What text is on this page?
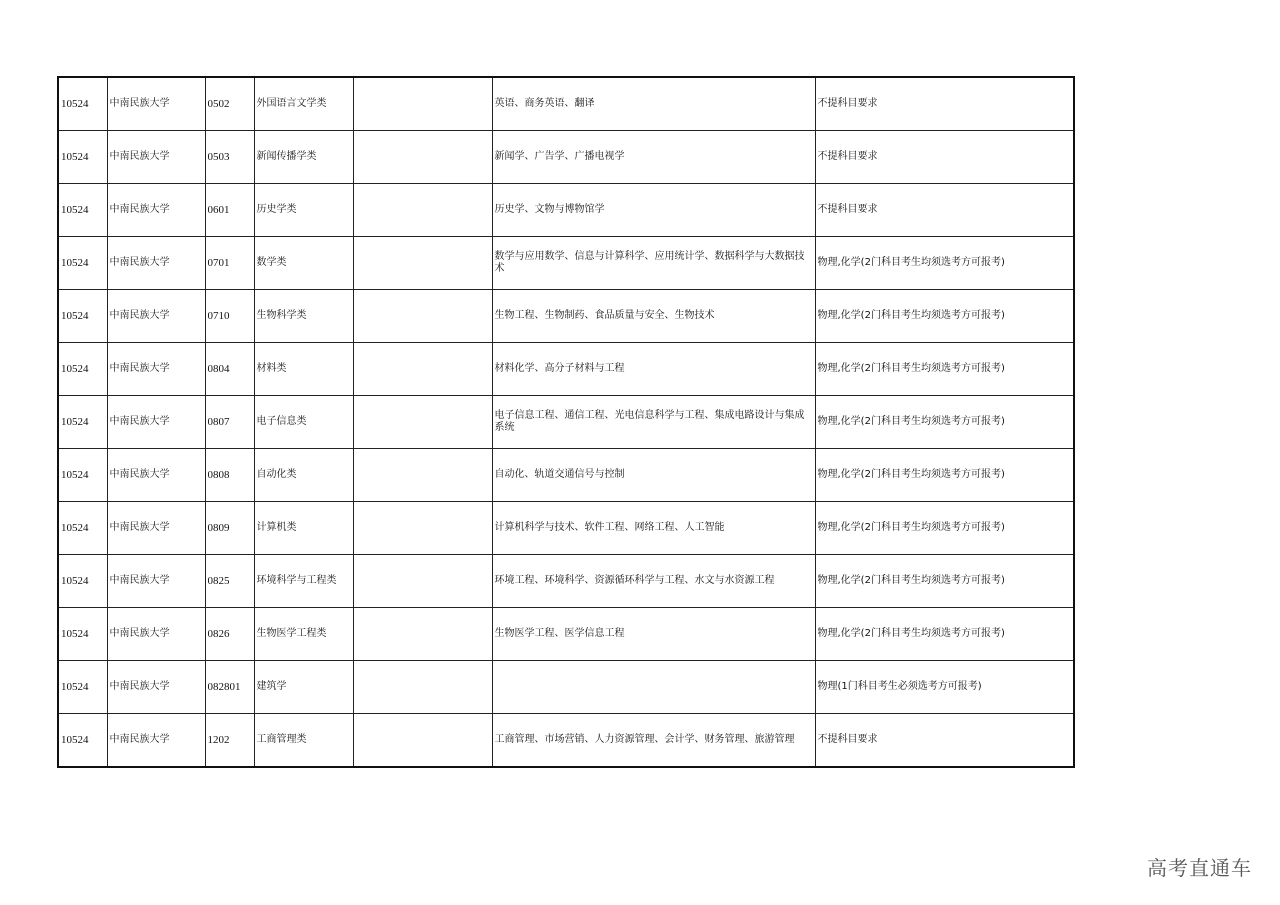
10524	中南民族大学	0502	外国语言文学类		英语、商务英语、翻译	不提科目要求
10524	中南民族大学	0503	新闻传播学类		新闻学、广告学、广播电视学	不提科目要求
10524	中南民族大学	0601	历史学类		历史学、文物与博物馆学	不提科目要求
10524	中南民族大学	0701	数学类		数学与应用数学、信息与计算科学、应用统计学、数据科学与大数据技术	物理,化学(2门科目考生均须选考方可报考)
10524	中南民族大学	0710	生物科学类		生物工程、生物制药、食品质量与安全、生物技术	物理,化学(2门科目考生均须选考方可报考)
10524	中南民族大学	0804	材料类		材料化学、高分子材料与工程	物理,化学(2门科目考生均须选考方可报考)
10524	中南民族大学	0807	电子信息类		电子信息工程、通信工程、光电信息科学与工程、集成电路设计与集成系统	物理,化学(2门科目考生均须选考方可报考)
10524	中南民族大学	0808	自动化类		自动化、轨道交通信号与控制	物理,化学(2门科目考生均须选考方可报考)
10524	中南民族大学	0809	计算机类		计算机科学与技术、软件工程、网络工程、人工智能	物理,化学(2门科目考生均须选考方可报考)
10524	中南民族大学	0825	环境科学与工程类		环境工程、环境科学、资源循环科学与工程、水文与水资源工程	物理,化学(2门科目考生均须选考方可报考)
10524	中南民族大学	0826	生物医学工程类		生物医学工程、医学信息工程	物理,化学(2门科目考生均须选考方可报考)
10524	中南民族大学	082801	建筑学			物理(1门科目考生必须选考方可报考)
10524	中南民族大学	1202	工商管理类		工商管理、市场营销、人力资源管理、会计学、财务管理、旅游管理	不提科目要求
高考直通车
